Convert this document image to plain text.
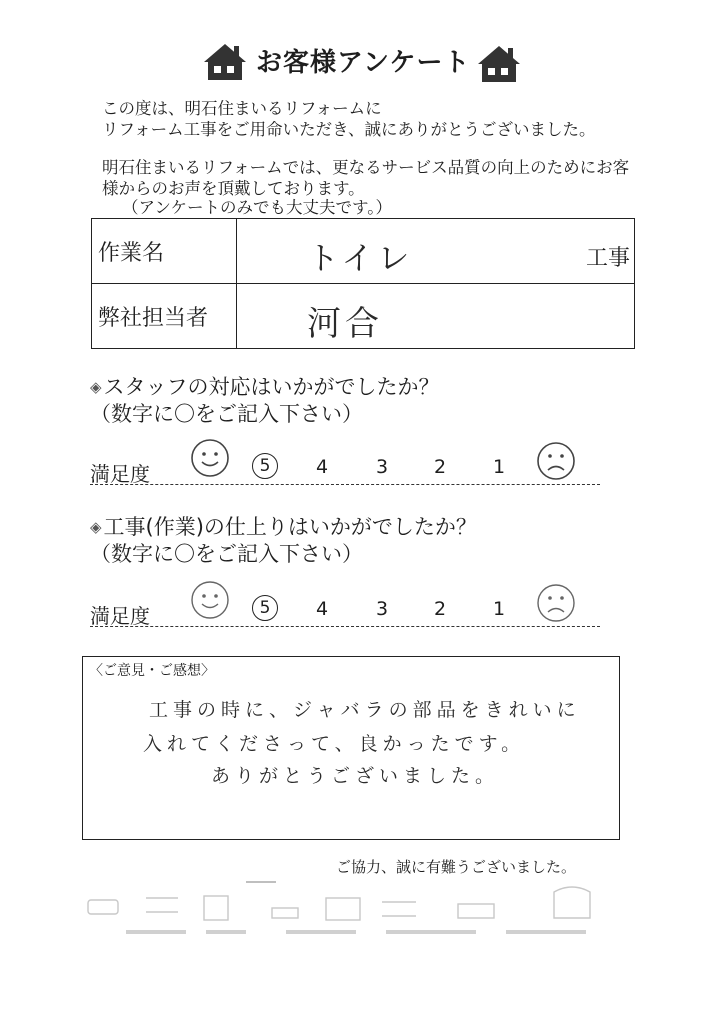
お客様アンケート
この度は、明石住まいるリフォームに
リフォーム工事をご用命いただき、誠にありがとうございました。
明石住まいるリフォームでは、更なるサービス品質の向上のためにお客
様からのお声を頂戴しております。
（アンケートのみでも大丈夫です。）
作業名	トイレ 工事

弊社担当者	河合
◈スタッフの対応はいかがでしたか？
（数字に〇をご記入下さい）
満足度	5	4	3	2	1
◈工事(作業)の仕上りはいかがでしたか？
（数字に〇をご記入下さい）
満足度	5	4	3	2	1
〈ご意見・ご感想〉
工事の時に、ジャバラの部品をきれいに
入れてくださって、良かったです。
ありがとうございました。
ご協力、誠に有難うございました。
